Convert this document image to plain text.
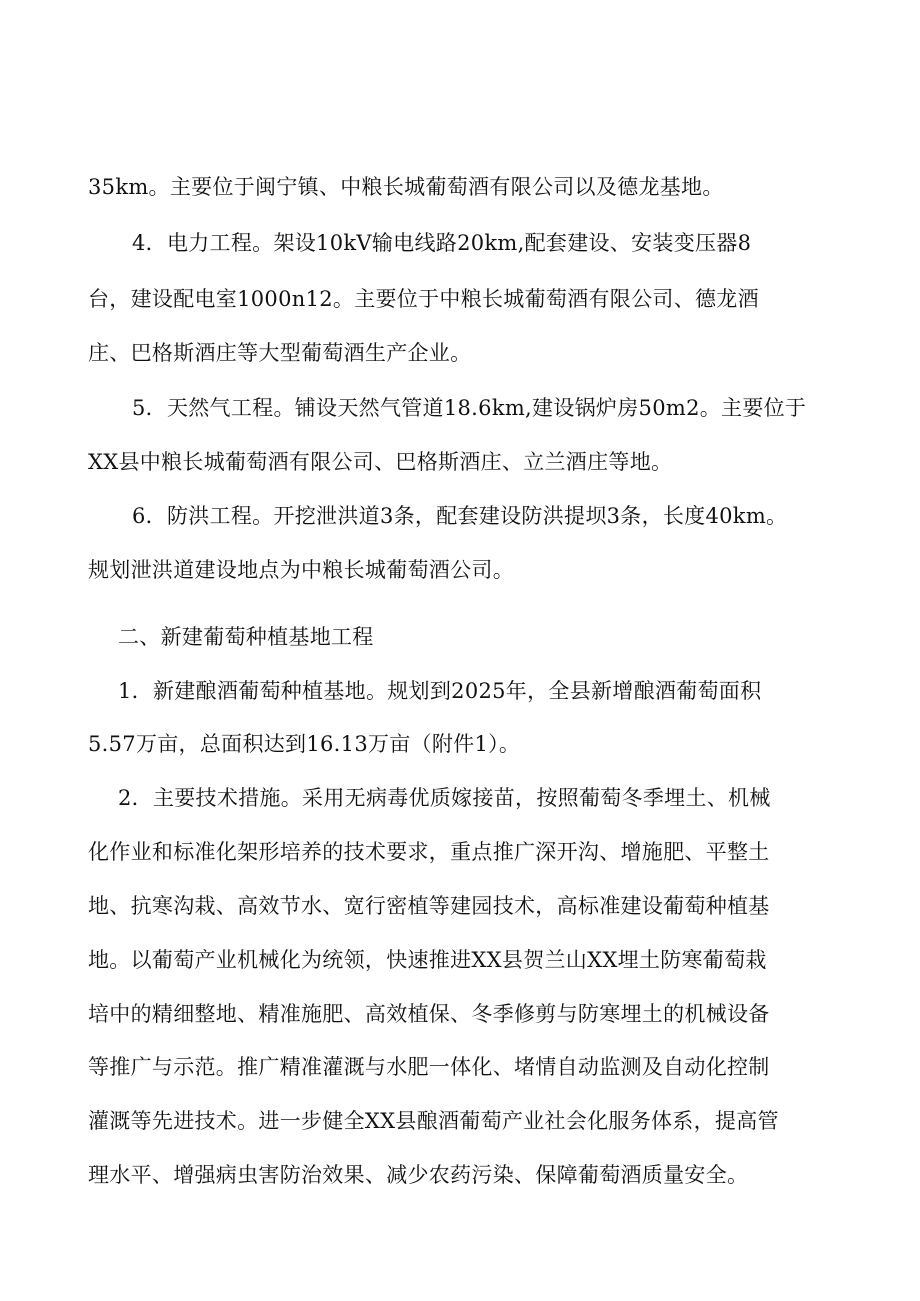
35km。主要位于闽宁镇、中粮长城葡萄酒有限公司以及德龙基地。
4．电力工程。架设10kV输电线路20km,配套建设、安装变压器8
台，建设配电室1000n12。主要位于中粮长城葡萄酒有限公司、德龙酒
庄、巴格斯酒庄等大型葡萄酒生产企业。
5．天然气工程。铺设天然气管道18.6km,建设锅炉房50m2。主要位于
XX县中粮长城葡萄酒有限公司、巴格斯酒庄、立兰酒庄等地。
6．防洪工程。开挖泄洪道3条，配套建设防洪提坝3条，长度40km。
规划泄洪道建设地点为中粮长城葡萄酒公司。
二、新建葡萄种植基地工程
1．新建酿酒葡萄种植基地。规划到2025年，全县新增酿酒葡萄面积
5.57万亩，总面积达到16.13万亩（附件1）。
2．主要技术措施。采用无病毒优质嫁接苗，按照葡萄冬季埋土、机械
化作业和标准化架形培养的技术要求，重点推广深开沟、增施肥、平整土
地、抗寒沟栽、高效节水、宽行密植等建园技术，高标准建设葡萄种植基
地。以葡萄产业机械化为统领，快速推进XX县贺兰山XX埋土防寒葡萄栽
培中的精细整地、精准施肥、高效植保、冬季修剪与防寒埋土的机械设备
等推广与示范。推广精准灌溉与水肥一体化、堵情自动监测及自动化控制
灌溉等先进技术。进一步健全XX县酿酒葡萄产业社会化服务体系，提高管
理水平、增强病虫害防治效果、减少农药污染、保障葡萄酒质量安全。
